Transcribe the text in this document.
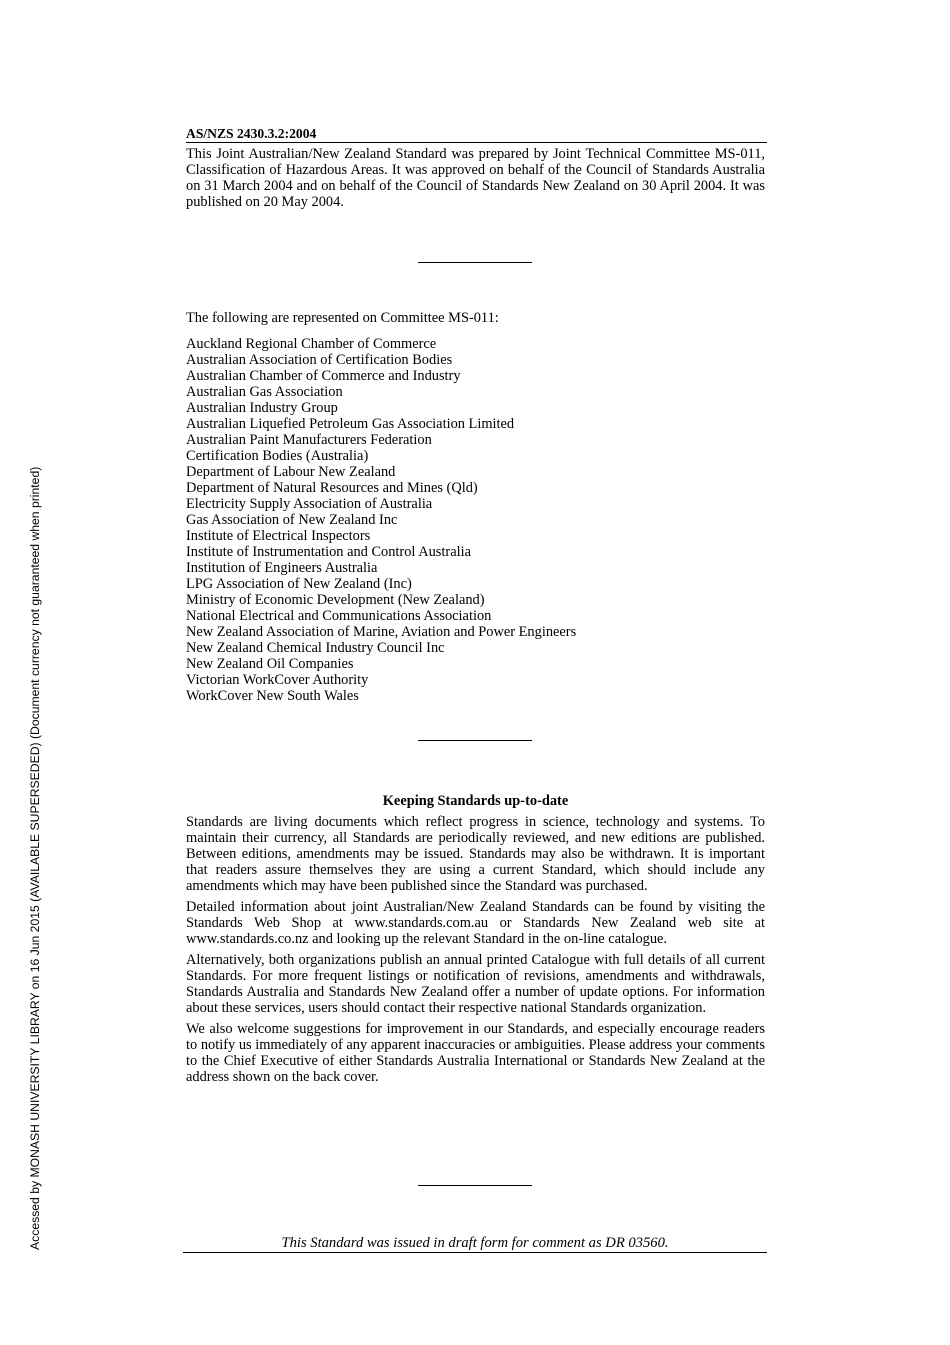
Accessed by MONASH UNIVERSITY LIBRARY on 16 Jun 2015 (AVAILABLE SUPERSEDED) (Document currency not guaranteed when printed)
AS/NZS 2430.3.2:2004
This Joint Australian/New Zealand Standard was prepared by Joint Technical Committee MS-011, Classification of Hazardous Areas. It was approved on behalf of the Council of Standards Australia on 31 March 2004 and on behalf of the Council of Standards New Zealand on 30 April 2004. It was published on 20 May 2004.
The following are represented on Committee MS-011:
Auckland Regional Chamber of Commerce
Australian Association of Certification Bodies
Australian Chamber of Commerce and Industry
Australian Gas Association
Australian Industry Group
Australian Liquefied Petroleum Gas Association Limited
Australian Paint Manufacturers Federation
Certification Bodies (Australia)
Department of Labour New Zealand
Department of Natural Resources and Mines (Qld)
Electricity Supply Association of Australia
Gas Association of New Zealand Inc
Institute of Electrical Inspectors
Institute of Instrumentation and Control Australia
Institution of Engineers Australia
LPG Association of New Zealand (Inc)
Ministry of Economic Development (New Zealand)
National Electrical and Communications Association
New Zealand Association of Marine, Aviation and Power Engineers
New Zealand Chemical Industry Council Inc
New Zealand Oil Companies
Victorian WorkCover Authority
WorkCover New South Wales
Keeping Standards up-to-date

Standards are living documents which reflect progress in science, technology and systems. To maintain their currency, all Standards are periodically reviewed, and new editions are published. Between editions, amendments may be issued. Standards may also be withdrawn. It is important that readers assure themselves they are using a current Standard, which should include any amendments which may have been published since the Standard was purchased.

Detailed information about joint Australian/New Zealand Standards can be found by visiting the Standards Web Shop at www.standards.com.au or Standards New Zealand web site at www.standards.co.nz and looking up the relevant Standard in the on-line catalogue.

Alternatively, both organizations publish an annual printed Catalogue with full details of all current Standards. For more frequent listings or notification of revisions, amendments and withdrawals, Standards Australia and Standards New Zealand offer a number of update options. For information about these services, users should contact their respective national Standards organization.

We also welcome suggestions for improvement in our Standards, and especially encourage readers to notify us immediately of any apparent inaccuracies or ambiguities. Please address your comments to the Chief Executive of either Standards Australia International or Standards New Zealand at the address shown on the back cover.

This Standard was issued in draft form for comment as DR 03560.
